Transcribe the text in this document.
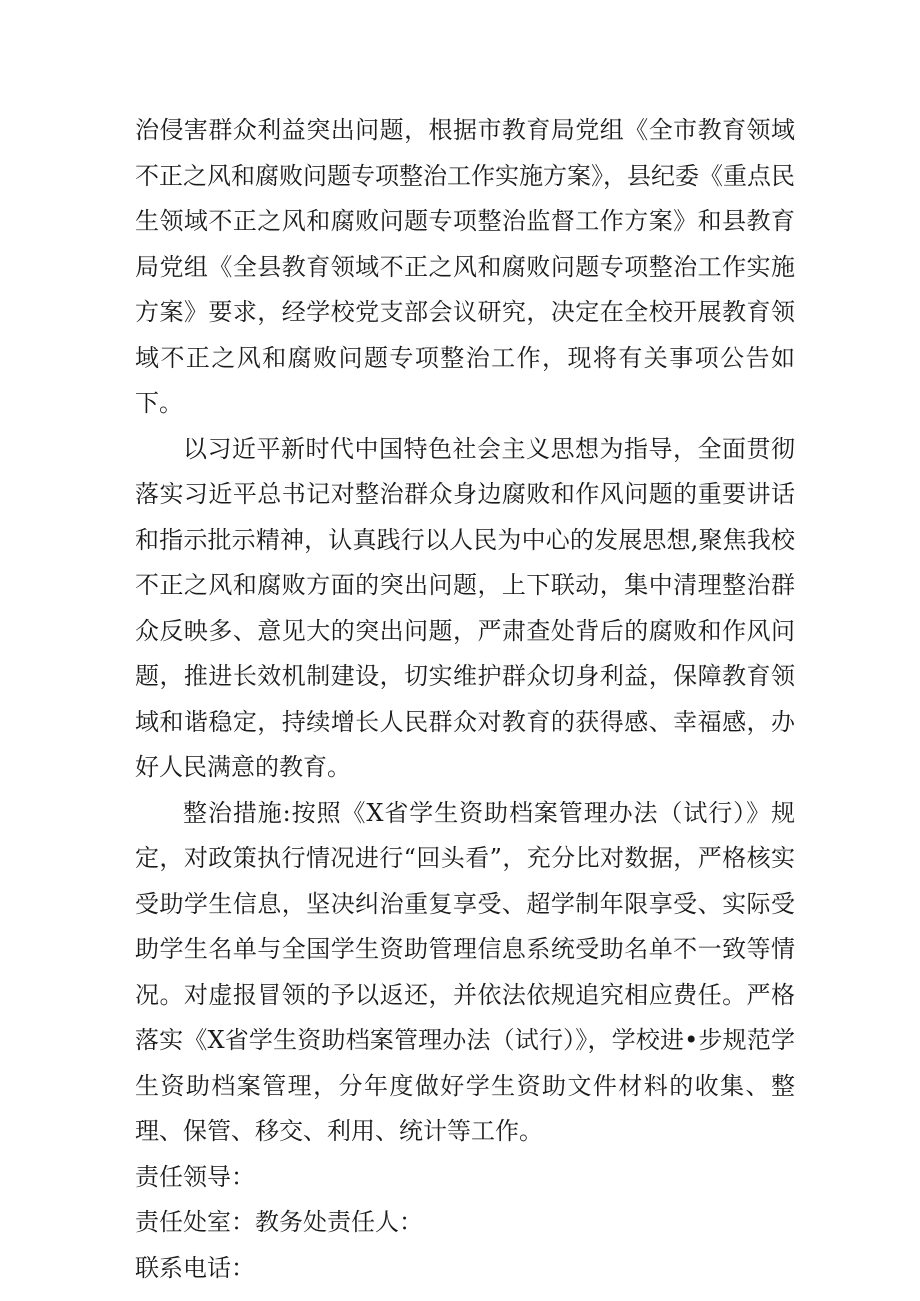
治侵害群众利益突出问题，根据市教育局党组《全市教育领域不正之风和腐败问题专项整治工作实施方案》，县纪委《重点民生领域不正之风和腐败问题专项整治监督工作方案》和县教育局党组《全县教育领域不正之风和腐败问题专项整治工作实施方案》要求，经学校党支部会议研究，决定在全校开展教育领域不正之风和腐败问题专项整治工作，现将有关事项公告如下。

以习近平新时代中国特色社会主义思想为指导，全面贯彻落实习近平总书记对整治群众身边腐败和作风问题的重要讲话和指示批示精神，认真践行以人民为中心的发展思想,聚焦我校不正之风和腐败方面的突出问题，上下联动，集中清理整治群众反映多、意见大的突出问题，严肃查处背后的腐败和作风问题，推进长效机制建设，切实维护群众切身利益，保障教育领域和谐稳定，持续增长人民群众对教育的获得感、幸福感，办好人民满意的教育。

整治措施:按照《X省学生资助档案管理办法（试行）》规定，对政策执行情况进行“回头看”，充分比对数据，严格核实受助学生信息，坚决纠治重复享受、超学制年限享受、实际受助学生名单与全国学生资助管理信息系统受助名单不一致等情况。对虚报冒领的予以返还，并依法依规追究相应费任。严格落实《X省学生资助档案管理办法（试行）》，学校进•步规范学生资助档案管理，分年度做好学生资助文件材料的收集、整理、保管、移交、利用、统计等工作。

责任领导：

责任处室：教务处责任人：

联系电话：
